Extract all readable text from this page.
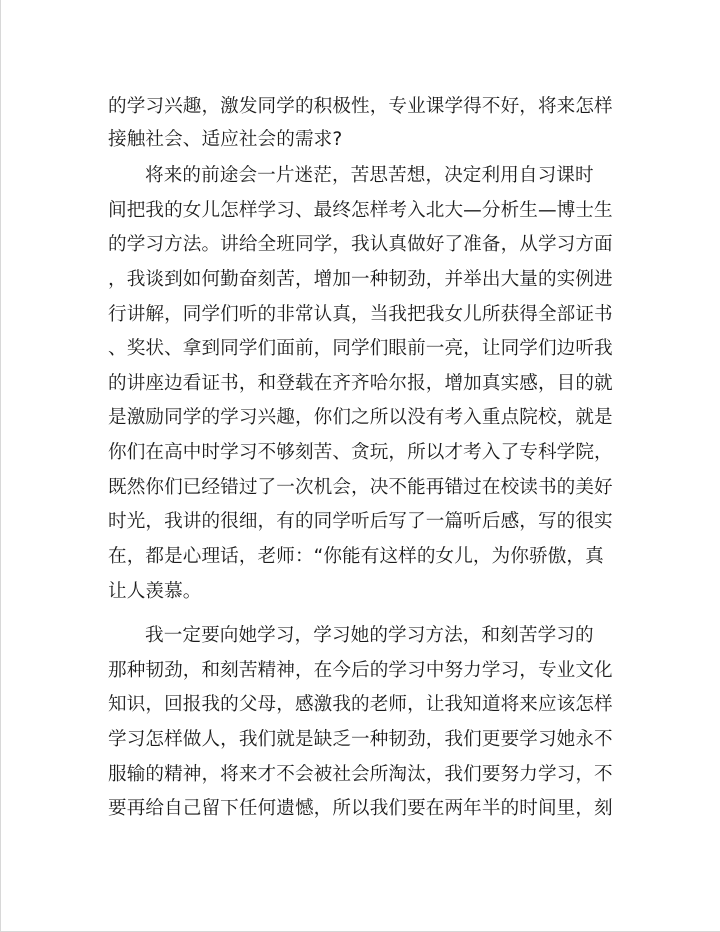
的学习兴趣，激发同学的积极性，专业课学得不好，将来怎样
接触社会、适应社会的需求?
将来的前途会一片迷茫，苦思苦想，决定利用自习课时
间把我的女儿怎样学习、最终怎样考入北大—分析生—博士生
的学习方法。讲给全班同学，我认真做好了准备，从学习方面
，我谈到如何勤奋刻苦，增加一种韧劲，并举出大量的实例进
行讲解，同学们听的非常认真，当我把我女儿所获得全部证书
、奖状、拿到同学们面前，同学们眼前一亮，让同学们边听我
的讲座边看证书，和登载在齐齐哈尔报，增加真实感，目的就
是激励同学的学习兴趣，你们之所以没有考入重点院校，就是
你们在高中时学习不够刻苦、贪玩，所以才考入了专科学院，
既然你们已经错过了一次机会，决不能再错过在校读书的美好
时光，我讲的很细，有的同学听后写了一篇听后感，写的很实
在，都是心理话，老师：“你能有这样的女儿，为你骄傲，真
让人羡慕。
我一定要向她学习，学习她的学习方法，和刻苦学习的
那种韧劲，和刻苦精神，在今后的学习中努力学习，专业文化
知识，回报我的父母，感激我的老师，让我知道将来应该怎样
学习怎样做人，我们就是缺乏一种韧劲，我们更要学习她永不
服输的精神，将来才不会被社会所淘汰，我们要努力学习，不
要再给自己留下任何遗憾，所以我们要在两年半的时间里，刻
